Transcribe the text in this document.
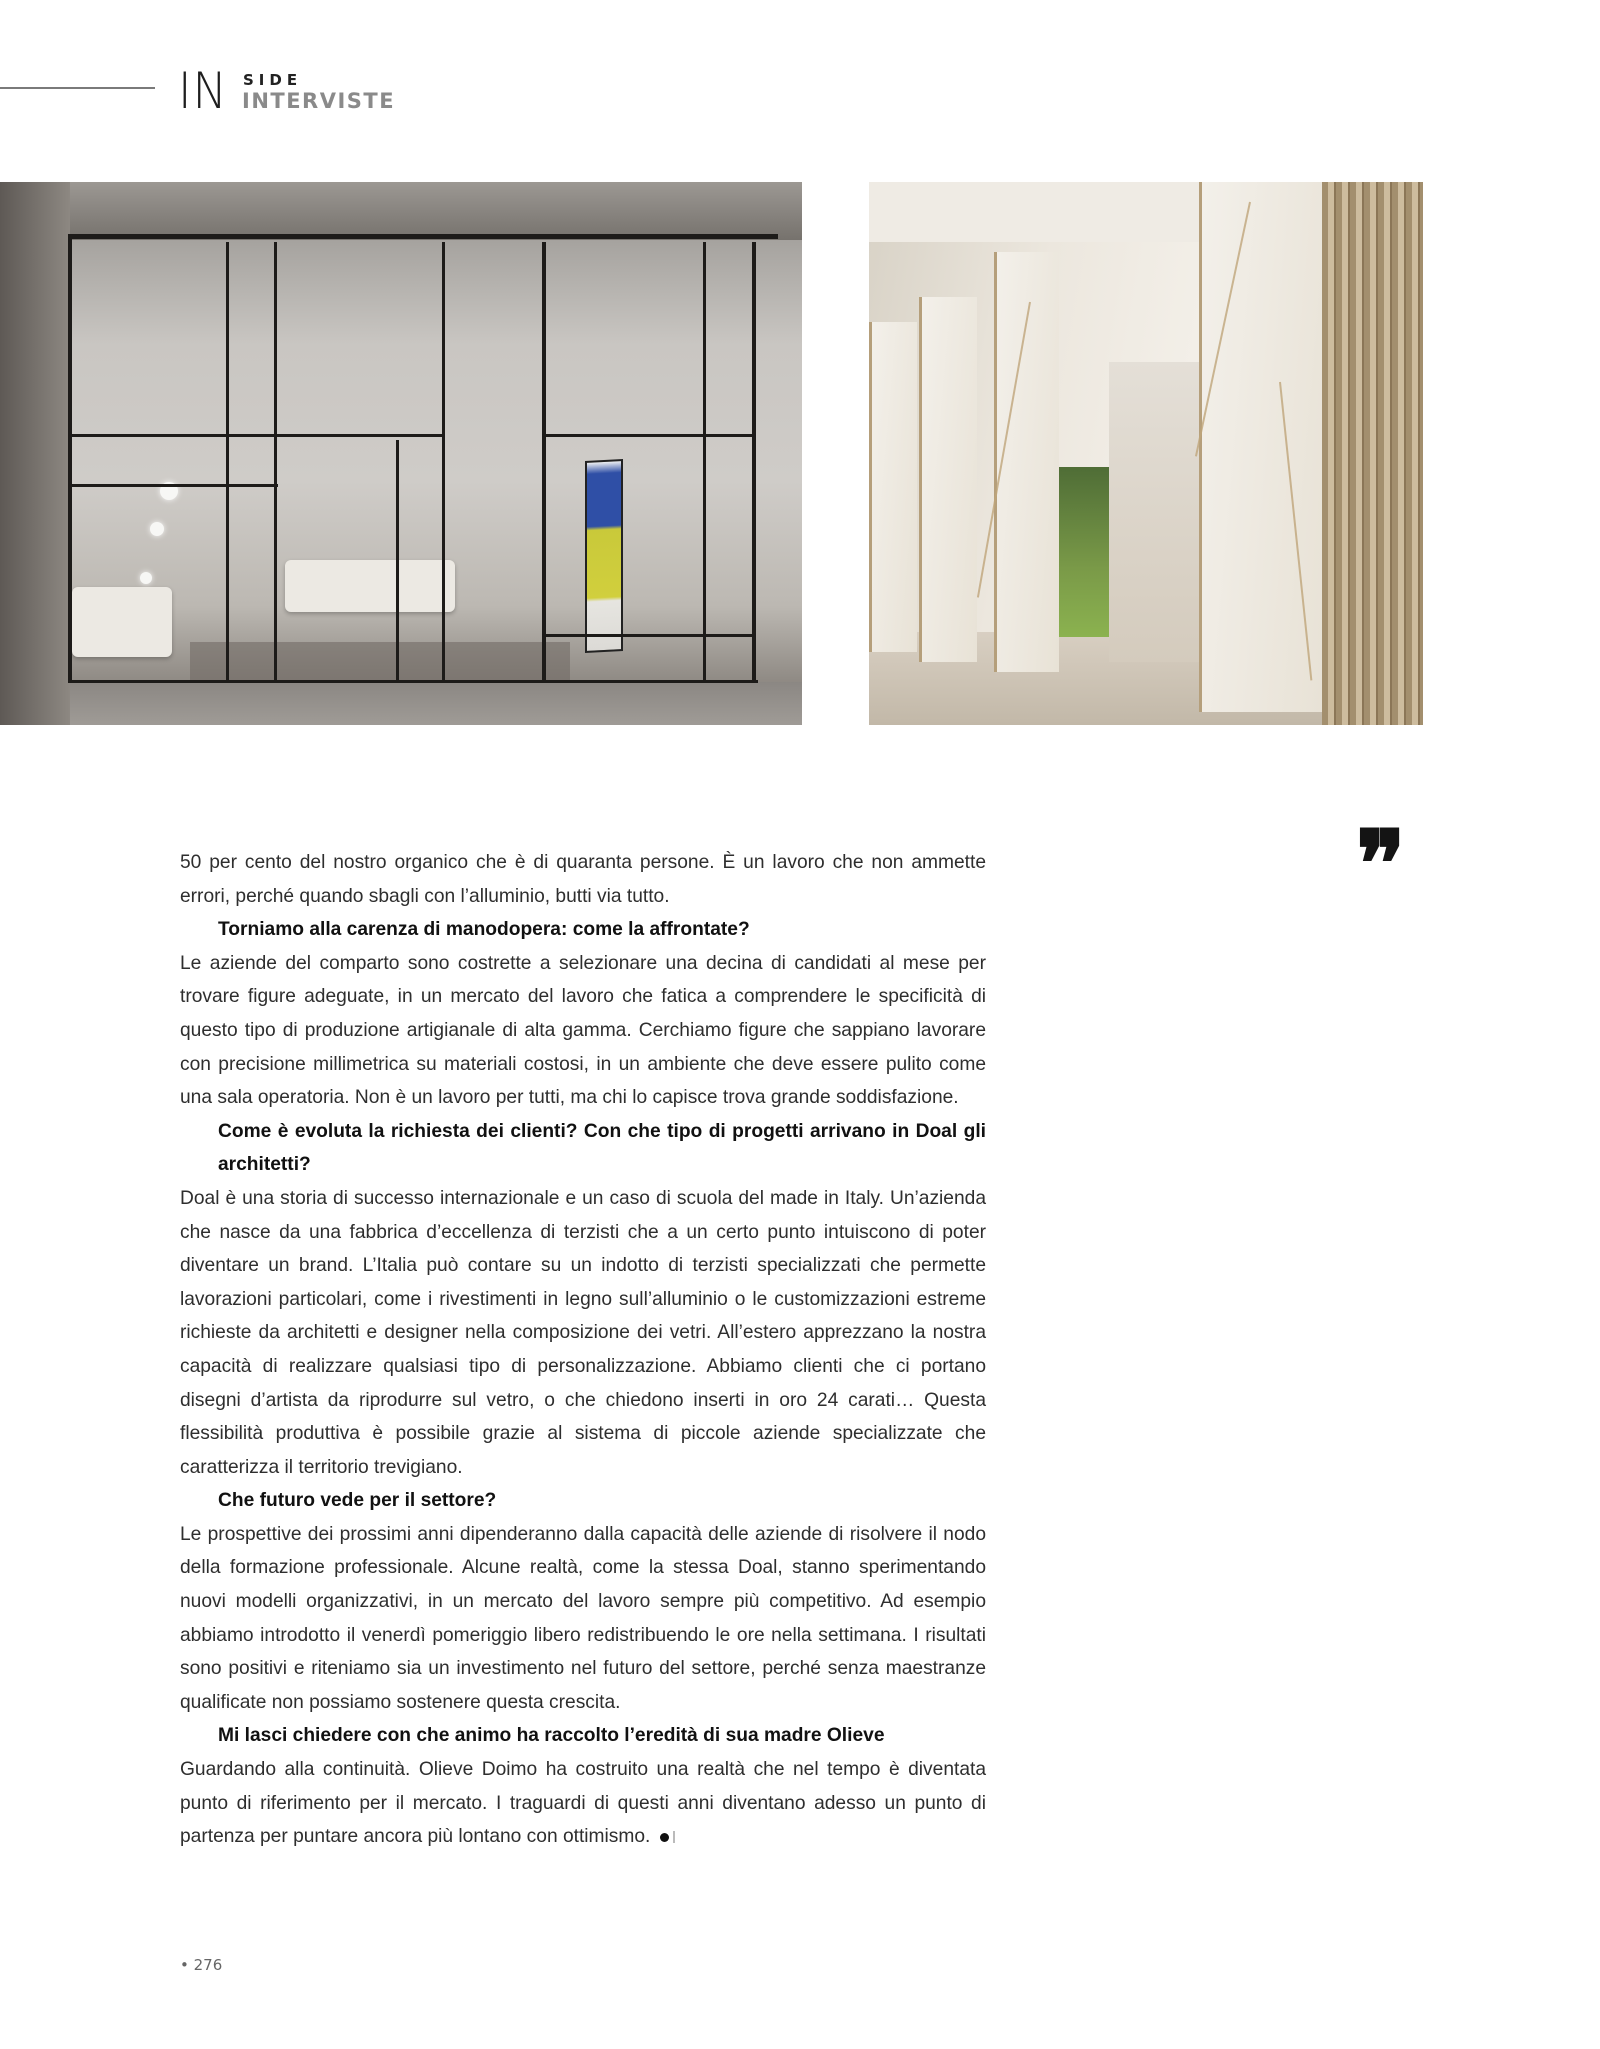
IN SIDE
INTERVISTE
❞

50 per cento del nostro organico che è di quaranta persone. È un lavoro che non ammette errori, perché quando sbagli con l’alluminio, butti via tutto.

Torniamo alla carenza di manodopera: come la affrontate?

Le aziende del comparto sono costrette a selezionare una decina di candidati al mese per trovare figure adeguate, in un mercato del lavoro che fatica a comprendere le specificità di questo tipo di produzione artigianale di alta gamma. Cerchiamo figure che sappiano lavorare con precisione millimetrica su materiali costosi, in un ambiente che deve essere pulito come una sala operatoria. Non è un lavoro per tutti, ma chi lo capisce trova grande soddisfazione.

Come è evoluta la richiesta dei clienti? Con che tipo di progetti arrivano in Doal gli architetti?

Doal è una storia di successo internazionale e un caso di scuola del made in Italy. Un’azienda che nasce da una fabbrica d’eccellenza di terzisti che a un certo punto intuiscono di poter diventare un brand. L’Italia può contare su un indotto di terzisti specializzati che permette lavorazioni particolari, come i rivestimenti in legno sull’alluminio o le customizzazioni estreme richieste da architetti e designer nella composizione dei vetri. All’estero apprezzano la nostra capacità di realizzare qualsiasi tipo di personalizzazione. Abbiamo clienti che ci portano disegni d’artista da riprodurre sul vetro, o che chiedono inserti in oro 24 carati… Questa flessibilità produttiva è possibile grazie al sistema di piccole aziende specializzate che caratterizza il territorio trevigiano.

Che futuro vede per il settore?

Le prospettive dei prossimi anni dipenderanno dalla capacità delle aziende di risolvere il nodo della formazione professionale. Alcune realtà, come la stessa Doal, stanno sperimentando nuovi modelli organizzativi, in un mercato del lavoro sempre più competitivo. Ad esempio abbiamo introdotto il venerdì pomeriggio libero redistribuendo le ore nella settimana. I risultati sono positivi e riteniamo sia un investimento nel futuro del settore, perché senza maestranze qualificate non possiamo sostenere questa crescita.

Mi lasci chiedere con che animo ha raccolto l’eredità di sua madre Olieve

Guardando alla continuità. Olieve Doimo ha costruito una realtà che nel tempo è diventata punto di riferimento per il mercato. I traguardi di questi anni diventano adesso un punto di partenza per puntare ancora più lontano con ottimismo.

• 276
